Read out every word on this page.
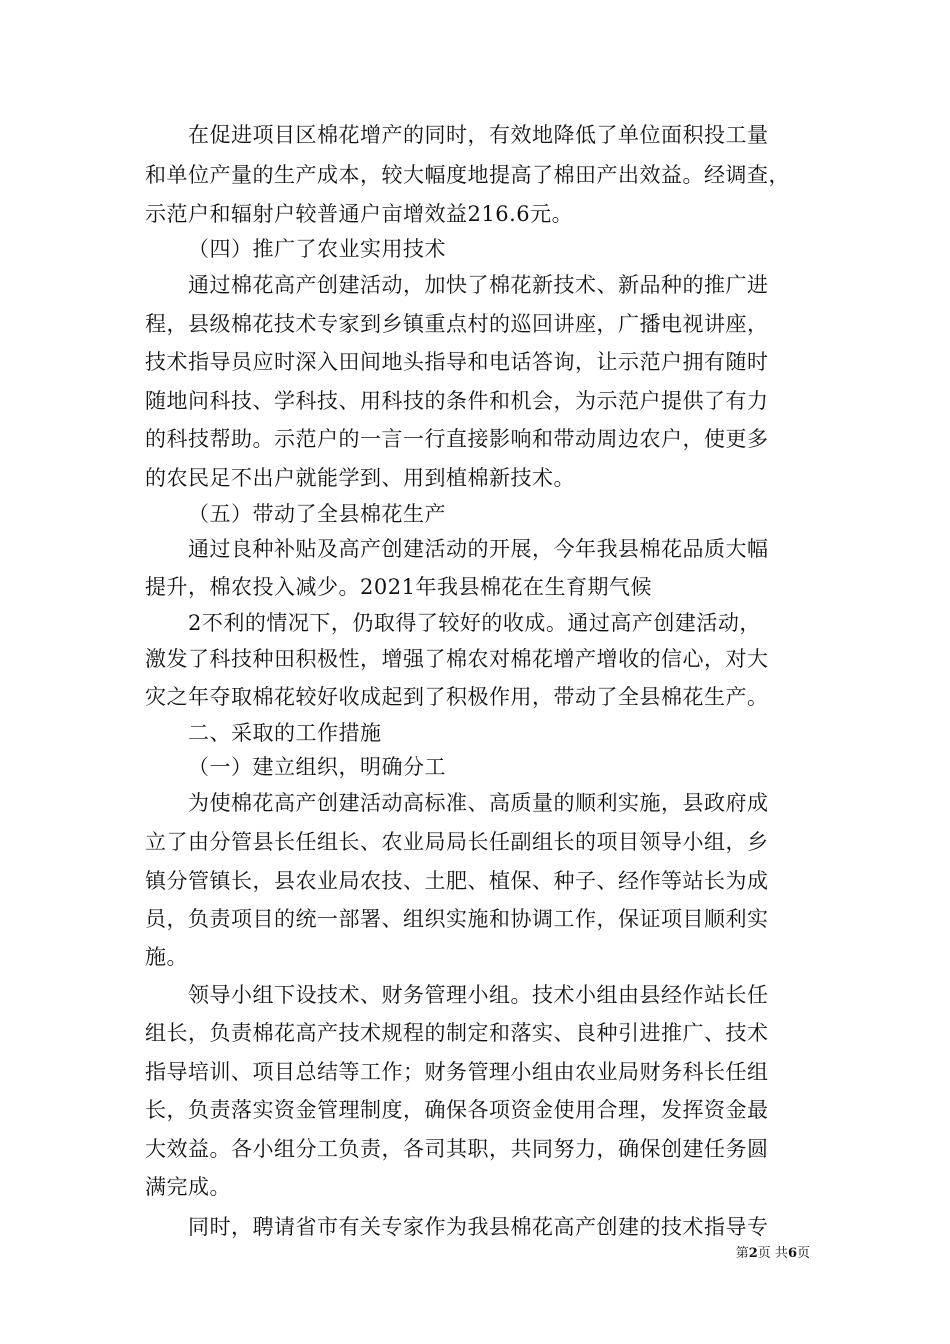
在促进项目区棉花增产的同时，有效地降低了单位面积投工量
和单位产量的生产成本，较大幅度地提高了棉田产出效益。经调查，
示范户和辐射户较普通户亩增效益216.6元。
（四）推广了农业实用技术
通过棉花高产创建活动，加快了棉花新技术、新品种的推广进
程，县级棉花技术专家到乡镇重点村的巡回讲座，广播电视讲座，
技术指导员应时深入田间地头指导和电话答询，让示范户拥有随时
随地问科技、学科技、用科技的条件和机会，为示范户提供了有力
的科技帮助。示范户的一言一行直接影响和带动周边农户，使更多
的农民足不出户就能学到、用到植棉新技术。
（五）带动了全县棉花生产
通过良种补贴及高产创建活动的开展，今年我县棉花品质大幅
提升，棉农投入减少。2021年我县棉花在生育期气候
2不利的情况下，仍取得了较好的收成。通过高产创建活动，
激发了科技种田积极性，增强了棉农对棉花增产增收的信心，对大
灾之年夺取棉花较好收成起到了积极作用，带动了全县棉花生产。
二、采取的工作措施
（一）建立组织，明确分工
为使棉花高产创建活动高标准、高质量的顺利实施，县政府成
立了由分管县长任组长、农业局局长任副组长的项目领导小组，乡
镇分管镇长，县农业局农技、土肥、植保、种子、经作等站长为成
员，负责项目的统一部署、组织实施和协调工作，保证项目顺利实
施。
领导小组下设技术、财务管理小组。技术小组由县经作站长任
组长，负责棉花高产技术规程的制定和落实、良种引进推广、技术
指导培训、项目总结等工作；财务管理小组由农业局财务科长任组
长，负责落实资金管理制度，确保各项资金使用合理，发挥资金最
大效益。各小组分工负责，各司其职，共同努力，确保创建任务圆
满完成。
同时，聘请省市有关专家作为我县棉花高产创建的技术指导专
第2页 共6页
